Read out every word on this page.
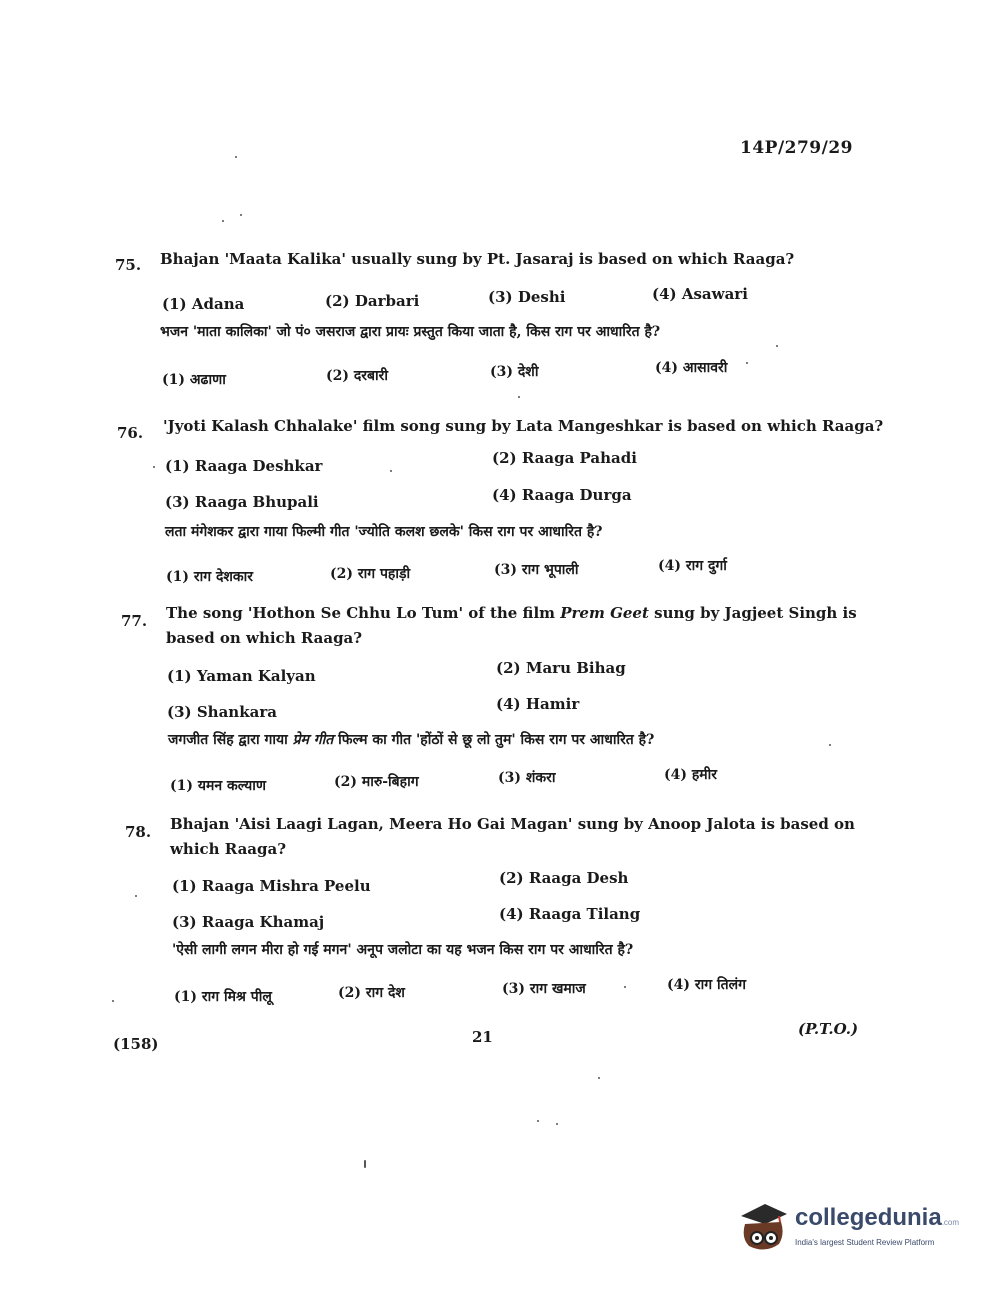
14P/279/29
75. Bhajan 'Maata Kalika' usually sung by Pt. Jasaraj is based on which Raaga?
(1) Adana	(2) Darbari	(3) Deshi	(4) Asawari
भजन 'माता कालिका' जो पं० जसराज द्वारा प्रायः प्रस्तुत किया जाता है, किस राग पर आधारित है?
(1) अढाणा	(2) दरबारी	(3) देशी	(4) आसावरी
76. 'Jyoti Kalash Chhalake' film song sung by Lata Mangeshkar is based on which Raaga?
(1) Raaga Deshkar	(2) Raaga Pahadi
(3) Raaga Bhupali	(4) Raaga Durga
लता मंगेशकर द्वारा गाया फिल्मी गीत 'ज्योति कलश छलके' किस राग पर आधारित है?
(1) राग देशकार	(2) राग पहाड़ी	(3) राग भूपाली	(4) राग दुर्गा
77. The song 'Hothon Se Chhu Lo Tum' of the film Prem Geet sung by Jagjeet Singh is
based on which Raaga?
(1) Yaman Kalyan	(2) Maru Bihag
(3) Shankara	(4) Hamir
जगजीत सिंह द्वारा गाया प्रेम गीत फिल्म का गीत 'होंठों से छू लो तुम' किस राग पर आधारित है?
(1) यमन कल्याण	(2) मारु-बिहाग	(3) शंकरा	(4) हमीर
78. Bhajan 'Aisi Laagi Lagan, Meera Ho Gai Magan' sung by Anoop Jalota is based on
which Raaga?
(1) Raaga Mishra Peelu	(2) Raaga Desh
(3) Raaga Khamaj	(4) Raaga Tilang
'ऐसी लागी लगन मीरा हो गई मगन' अनूप जलोटा का यह भजन किस राग पर आधारित है?
(1) राग मिश्र पीलू	(2) राग देश	(3) राग खमाज	(4) राग तिलंग
(158)	21	(P.T.O.)
collegedunia.com
India's largest Student Review Platform
